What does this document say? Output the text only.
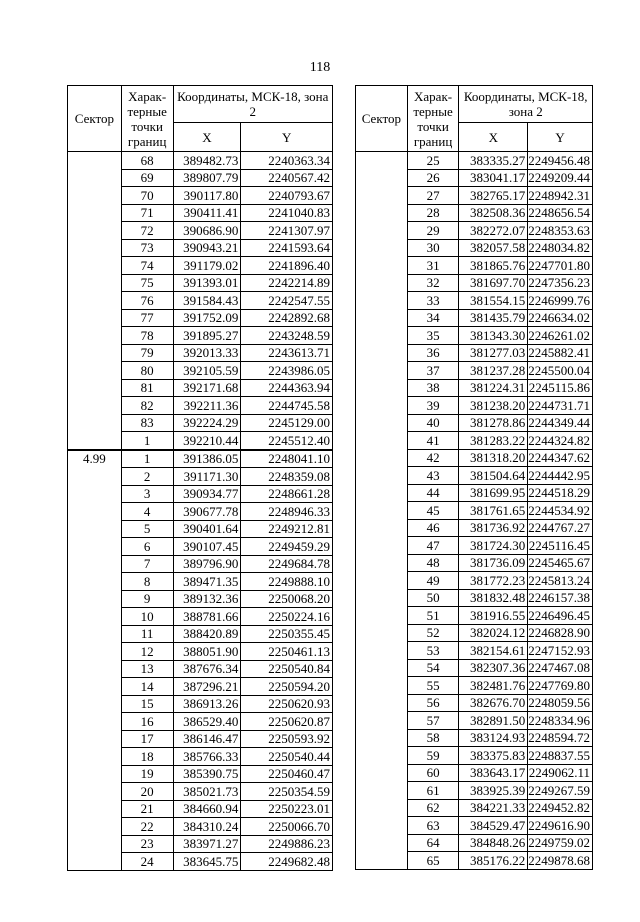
118
Сектор	Харак-терные точки границ	Координаты, МСК-18, зона 2	
		X	Y
	68	389482.73	2240363.34
	69	389807.79	2240567.42
	70	390117.80	2240793.67
	71	390411.41	2241040.83
	72	390686.90	2241307.97
	73	390943.21	2241593.64
	74	391179.02	2241896.40
	75	391393.01	2242214.89
	76	391584.43	2242547.55
	77	391752.09	2242892.68
	78	391895.27	2243248.59
	79	392013.33	2243613.71
	80	392105.59	2243986.05
	81	392171.68	2244363.94
	82	392211.36	2244745.58
	83	392224.29	2245129.00
	1	392210.44	2245512.40
4.99	1	391386.05	2248041.10
	2	391171.30	2248359.08
	3	390934.77	2248661.28
	4	390677.78	2248946.33
	5	390401.64	2249212.81
	6	390107.45	2249459.29
	7	389796.90	2249684.78
	8	389471.35	2249888.10
	9	389132.36	2250068.20
	10	388781.66	2250224.16
	11	388420.89	2250355.45
	12	388051.90	2250461.13
	13	387676.34	2250540.84
	14	387296.21	2250594.20
	15	386913.26	2250620.93
	16	386529.40	2250620.87
	17	386146.47	2250593.92
	18	385766.33	2250540.44
	19	385390.75	2250460.47
	20	385021.73	2250354.59
	21	384660.94	2250223.01
	22	384310.24	2250066.70
	23	383971.27	2249886.23
	24	383645.75	2249682.48
Сектор	Харак-терные точки границ	Координаты, МСК-18, зона 2	
		X	Y
	25	383335.27	2249456.48
	26	383041.17	2249209.44
	27	382765.17	2248942.31
	28	382508.36	2248656.54
	29	382272.07	2248353.63
	30	382057.58	2248034.82
	31	381865.76	2247701.80
	32	381697.70	2247356.23
	33	381554.15	2246999.76
	34	381435.79	2246634.02
	35	381343.30	2246261.02
	36	381277.03	2245882.41
	37	381237.28	2245500.04
	38	381224.31	2245115.86
	39	381238.20	2244731.71
	40	381278.86	2244349.44
	41	381283.22	2244324.82
	42	381318.20	2244347.62
	43	381504.64	2244442.95
	44	381699.95	2244518.29
	45	381761.65	2244534.92
	46	381736.92	2244767.27
	47	381724.30	2245116.45
	48	381736.09	2245465.67
	49	381772.23	2245813.24
	50	381832.48	2246157.38
	51	381916.55	2246496.45
	52	382024.12	2246828.90
	53	382154.61	2247152.93
	54	382307.36	2247467.08
	55	382481.76	2247769.80
	56	382676.70	2248059.56
	57	382891.50	2248334.96
	58	383124.93	2248594.72
	59	383375.83	2248837.55
	60	383643.17	2249062.11
	61	383925.39	2249267.59
	62	384221.33	2249452.82
	63	384529.47	2249616.90
	64	384848.26	2249759.02
	65	385176.22	2249878.68
